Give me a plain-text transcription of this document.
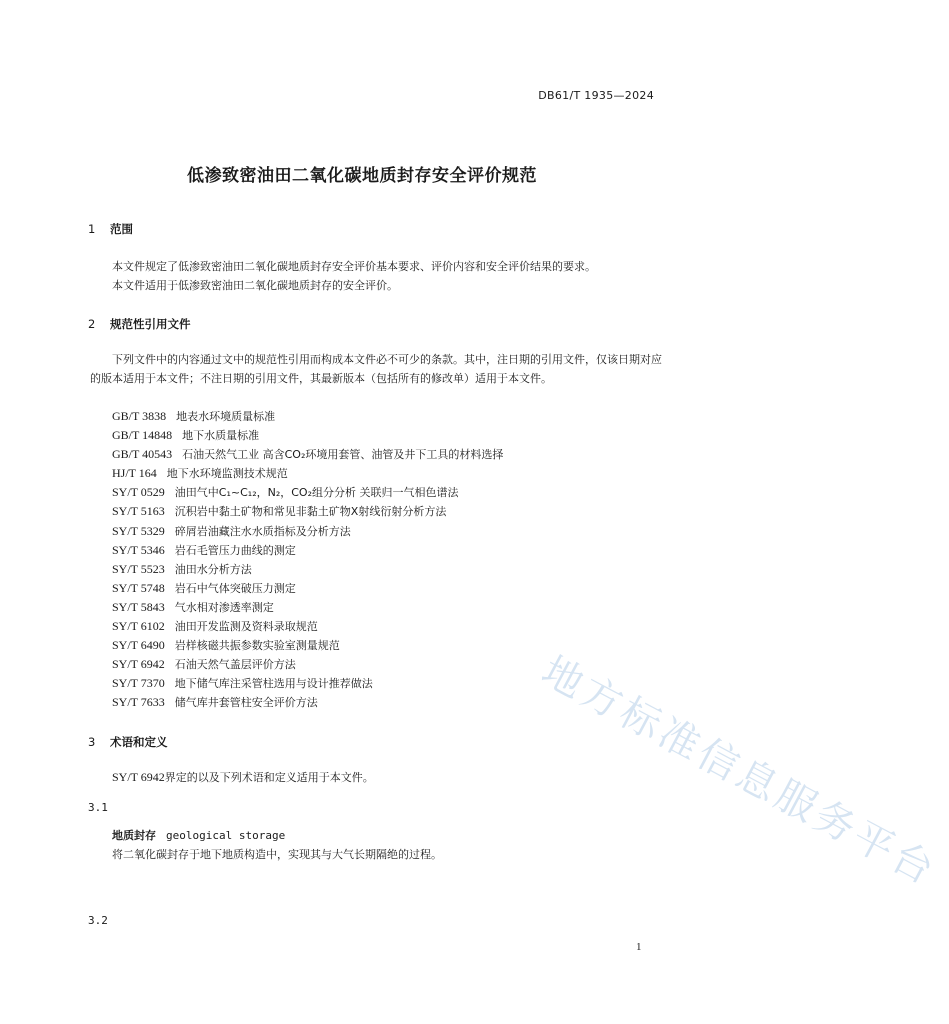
DB61/T 1935—2024
低渗致密油田二氧化碳地质封存安全评价规范
1 范围
本文件规定了低渗致密油田二氧化碳地质封存安全评价基本要求、评价内容和安全评价结果的要求。
本文件适用于低渗致密油田二氧化碳地质封存的安全评价。
2 规范性引用文件
下列文件中的内容通过文中的规范性引用而构成本文件必不可少的条款。其中，注日期的引用文件，仅该日期对应的版本适用于本文件；不注日期的引用文件，其最新版本（包括所有的修改单）适用于本文件。
GB/T 3838 地表水环境质量标准
GB/T 14848 地下水质量标准
GB/T 40543 石油天然气工业 高含CO₂环境用套管、油管及井下工具的材料选择
HJ/T 164 地下水环境监测技术规范
SY/T 0529 油田气中C₁~C₁₂，N₂，CO₂组分分析 关联归一气相色谱法
SY/T 5163 沉积岩中黏土矿物和常见非黏土矿物X射线衍射分析方法
SY/T 5329 碎屑岩油藏注水水质指标及分析方法
SY/T 5346 岩石毛管压力曲线的测定
SY/T 5523 油田水分析方法
SY/T 5748 岩石中气体突破压力测定
SY/T 5843 气水相对渗透率测定
SY/T 6102 油田开发监测及资料录取规范
SY/T 6490 岩样核磁共振参数实验室测量规范
SY/T 6942 石油天然气盖层评价方法
SY/T 7370 地下储气库注采管柱选用与设计推荐做法
SY/T 7633 储气库井套管柱安全评价方法
3 术语和定义
SY/T 6942界定的以及下列术语和定义适用于本文件。
3.1
地质封存 geological storage
将二氧化碳封存于地下地质构造中，实现其与大气长期隔绝的过程。
3.2
1
地方标准信息服务平台
